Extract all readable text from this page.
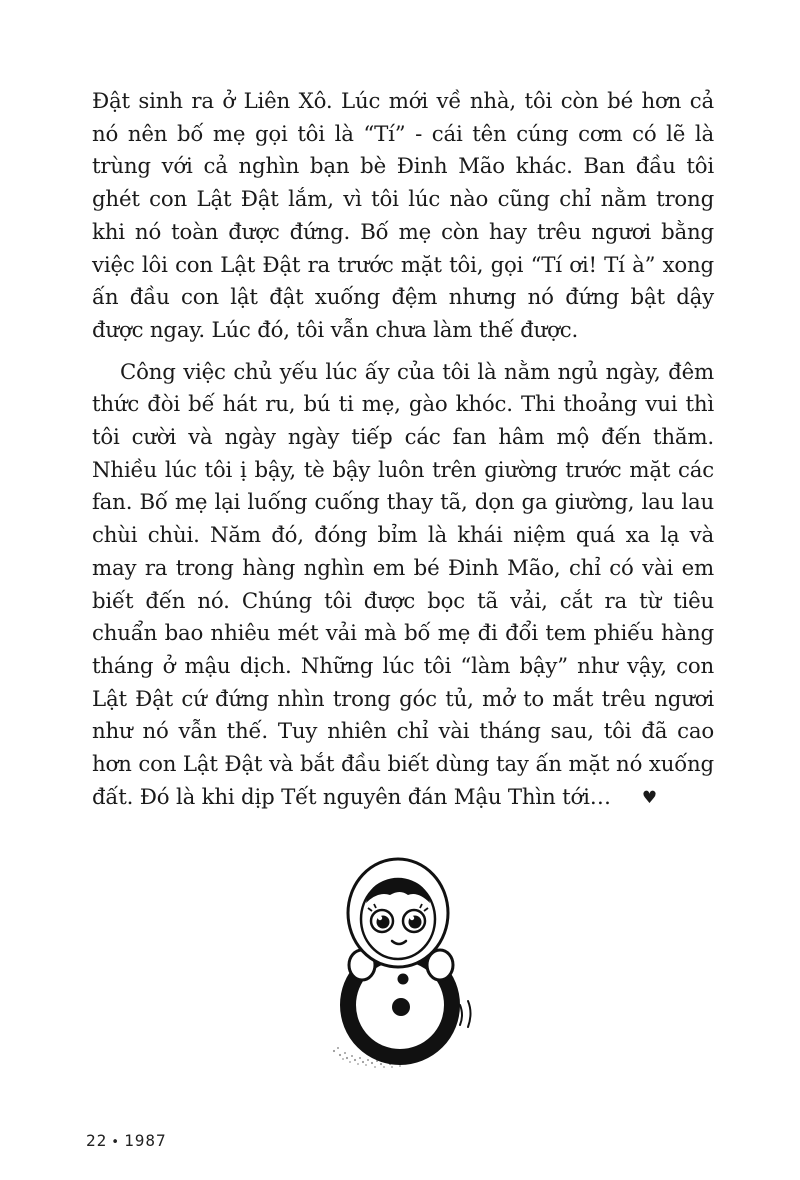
Đật sinh ra ở Liên Xô. Lúc mới về nhà, tôi còn bé hơn cả nó nên bố mẹ gọi tôi là “Tí” - cái tên cúng cơm có lẽ là trùng với cả nghìn bạn bè Đinh Mão khác. Ban đầu tôi ghét con Lật Đật lắm, vì tôi lúc nào cũng chỉ nằm trong khi nó toàn được đứng. Bố mẹ còn hay trêu ngươi bằng việc lôi con Lật Đật ra trước mặt tôi, gọi “Tí ơi! Tí à” xong ấn đầu con lật đật xuống đệm nhưng nó đứng bật dậy được ngay. Lúc đó, tôi vẫn chưa làm thế được.

Công việc chủ yếu lúc ấy của tôi là nằm ngủ ngày, đêm thức đòi bế hát ru, bú ti mẹ, gào khóc. Thi thoảng vui thì tôi cười và ngày ngày tiếp các fan hâm mộ đến thăm. Nhiều lúc tôi ị bậy, tè bậy luôn trên giường trước mặt các fan. Bố mẹ lại luống cuống thay tã, dọn ga giường, lau lau chùi chùi. Năm đó, đóng bỉm là khái niệm quá xa lạ và may ra trong hàng nghìn em bé Đinh Mão, chỉ có vài em biết đến nó. Chúng tôi được bọc tã vải, cắt ra từ tiêu chuẩn bao nhiêu mét vải mà bố mẹ đi đổi tem phiếu hàng tháng ở mậu dịch. Những lúc tôi “làm bậy” như vậy, con Lật Đật cứ đứng nhìn trong góc tủ, mở to mắt trêu ngươi như nó vẫn thế. Tuy nhiên chỉ vài tháng sau, tôi đã cao hơn con Lật Đật và bắt đầu biết dùng tay ấn mặt nó xuống đất. Đó là khi dịp Tết nguyên đán Mậu Thìn tới… ♥

22 • 1987
